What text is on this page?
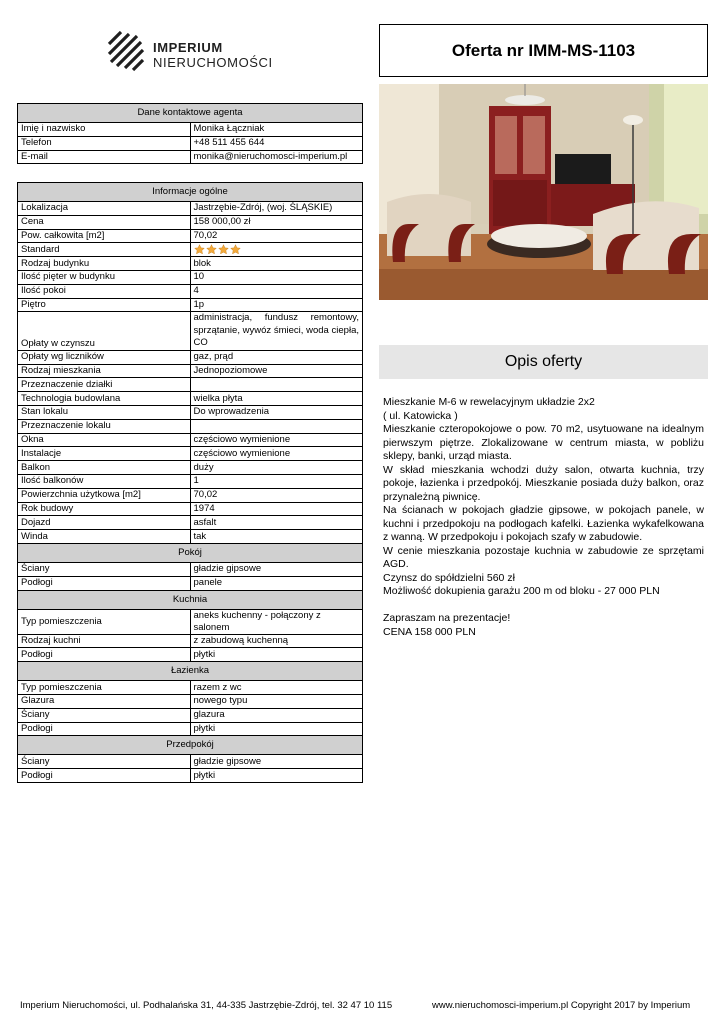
IMPERIUM
NIERUCHOMOŚCI
Oferta nr IMM-MS-1103
Dane kontaktowe agenta	
Imię i nazwisko	Monika Łączniak
Telefon	+48 511 455 644
E-mail	monika@nieruchomosci-imperium.pl
Informacje ogólne	
Lokalizacja	Jastrzębie-Zdrój, (woj. ŚLĄSKIE)
Cena	158 000,00 zł
Pow. całkowita [m2]	70,02
Standard	

Rodzaj budynku	blok
Ilość pięter w budynku	10
Ilość pokoi	4
Piętro	1p
Opłaty w czynszu	administracja, fundusz remontowy, sprzątanie, wywóz śmieci, woda ciepła, CO
Opłaty wg liczników	gaz, prąd
Rodzaj mieszkania	Jednopoziomowe
Przeznaczenie działki	
Technologia budowlana	wielka płyta
Stan lokalu	Do wprowadzenia
Przeznaczenie lokalu	
Okna	częściowo wymienione
Instalacje	częściowo wymienione
Balkon	duży
Ilość balkonów	1
Powierzchnia użytkowa [m2]	70,02
Rok budowy	1974
Dojazd	asfalt
Winda	tak
Pokój	
Ściany	gładzie gipsowe
Podłogi	panele
Kuchnia	
Typ pomieszczenia	aneks kuchenny - połączony z salonem
Rodzaj kuchni	z zabudową kuchenną
Podłogi	płytki
Łazienka	
Typ pomieszczenia	razem z wc
Glazura	nowego typu
Ściany	glazura
Podłogi	płytki
Przedpokój	
Ściany	gładzie gipsowe
Podłogi	płytki
Opis oferty

Mieszkanie M-6 w rewelacyjnym układzie 2x2

( ul. Katowicka )

Mieszkanie czteropokojowe o pow. 70 m2, usytuowane na idealnym pierwszym piętrze. Zlokalizowane w centrum miasta, w pobliżu sklepy, banki, urząd miasta.

W skład mieszkania wchodzi duży salon, otwarta kuchnia, trzy pokoje, łazienka i przedpokój. Mieszkanie posiada duży balkon, oraz przynależną piwnicę.

Na ścianach w pokojach gładzie gipsowe, w pokojach panele, w kuchni i przedpokoju na podłogach kafelki. Łazienka wykafelkowana z wanną. W przedpokoju i pokojach szafy w zabudowie.

W cenie mieszkania pozostaje kuchnia w zabudowie ze sprzętami AGD.

Czynsz do spółdzielni 560 zł

Możliwość dokupienia garażu 200 m od bloku - 27 000 PLN

Zapraszam na prezentacje!

CENA 158 000 PLN

Imperium Nieruchomości, ul. Podhalańska 31, 44-335 Jastrzębie-Zdrój, tel. 32 47 10 115	www.nieruchomosci-imperium.pl Copyright 2017 by Imperium
